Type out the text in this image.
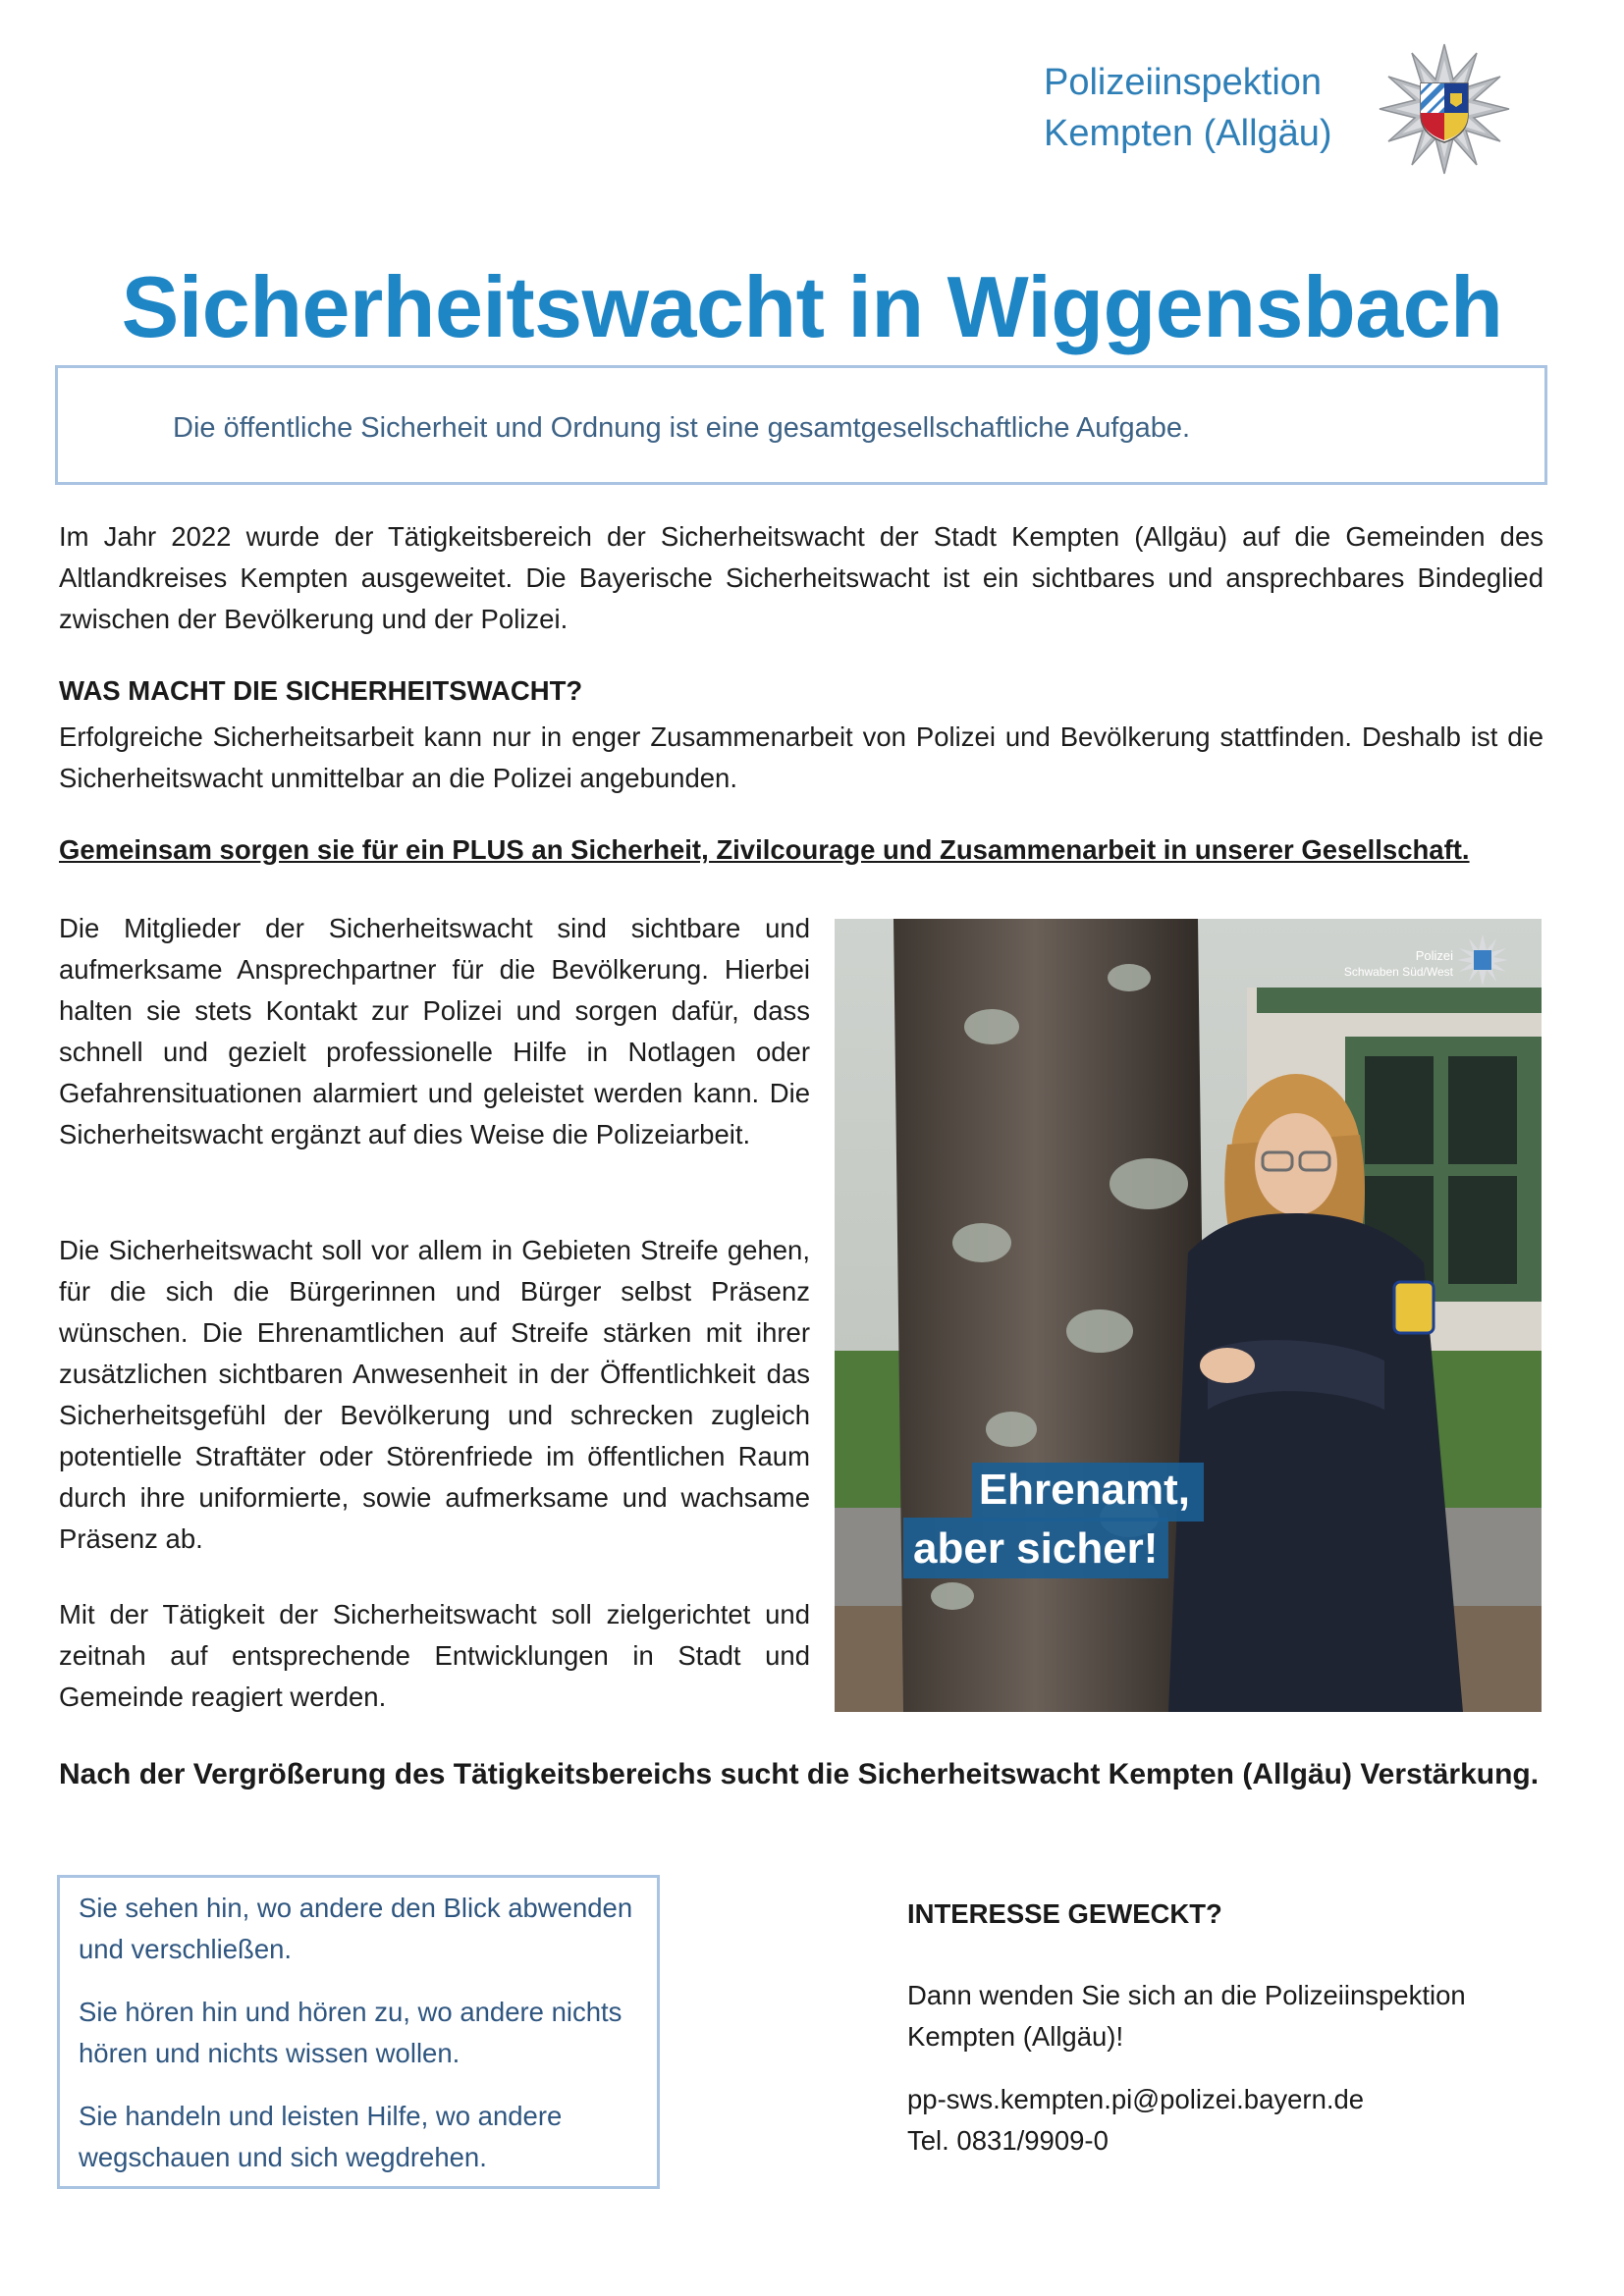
Polizeiinspektion
Kempten (Allgäu)
Sicherheitswacht in Wiggensbach
Die öffentliche Sicherheit und Ordnung ist eine gesamtgesellschaftliche Aufgabe.
Im Jahr 2022 wurde der Tätigkeitsbereich der Sicherheitswacht der Stadt Kempten (Allgäu) auf die Gemeinden des Altlandkreises Kempten ausgeweitet. Die Bayerische Sicherheitswacht ist ein sichtbares und ansprechbares Bindeglied zwischen der Bevölkerung und der Polizei.
WAS MACHT DIE SICHERHEITSWACHT?
Erfolgreiche Sicherheitsarbeit kann nur in enger Zusammenarbeit von Polizei und Bevölkerung stattfinden. Deshalb ist die Sicherheitswacht unmittelbar an die Polizei angebunden.
Gemeinsam sorgen sie für ein PLUS an Sicherheit, Zivilcourage und Zusammenarbeit in unserer Gesellschaft.
Die Mitglieder der Sicherheitswacht sind sichtbare und aufmerksame Ansprechpartner für die Bevölkerung. Hierbei halten sie stets Kontakt zur Polizei und sorgen dafür, dass schnell und gezielt professionelle Hilfe in Notlagen oder Gefahrensituationen alarmiert und geleistet werden kann. Die Sicherheitswacht ergänzt auf dies Weise die Polizeiarbeit.
Die Sicherheitswacht soll vor allem in Gebieten Streife gehen, für die sich die Bürgerinnen und Bürger selbst Präsenz wünschen. Die Ehrenamtlichen auf Streife stärken mit ihrer zusätzlichen sichtbaren Anwesenheit in der Öffentlichkeit das Sicherheitsgefühl der Bevölkerung und schrecken zugleich potentielle Straftäter oder Störenfriede im öffentlichen Raum durch ihre uniformierte, sowie aufmerksame und wachsame Präsenz ab.
Mit der Tätigkeit der Sicherheitswacht soll zielgerichtet und zeitnah auf entsprechende Entwicklungen in Stadt und Gemeinde reagiert werden.
Polizei
Schwaben Süd/West
Ehrenamt,
aber sicher!
Nach der Vergrößerung des Tätigkeitsbereichs sucht die Sicherheitswacht Kempten (Allgäu) Verstärkung.
Sie sehen hin, wo andere den Blick abwenden und verschließen.
Sie hören hin und hören zu, wo andere nichts hören und nichts wissen wollen.
Sie handeln und leisten Hilfe, wo andere wegschauen und sich wegdrehen.
INTERESSE GEWECKT?
Dann wenden Sie sich an die Polizeiinspektion Kempten (Allgäu)!
pp-sws.kempten.pi@polizei.bayern.de
Tel. 0831/9909-0
